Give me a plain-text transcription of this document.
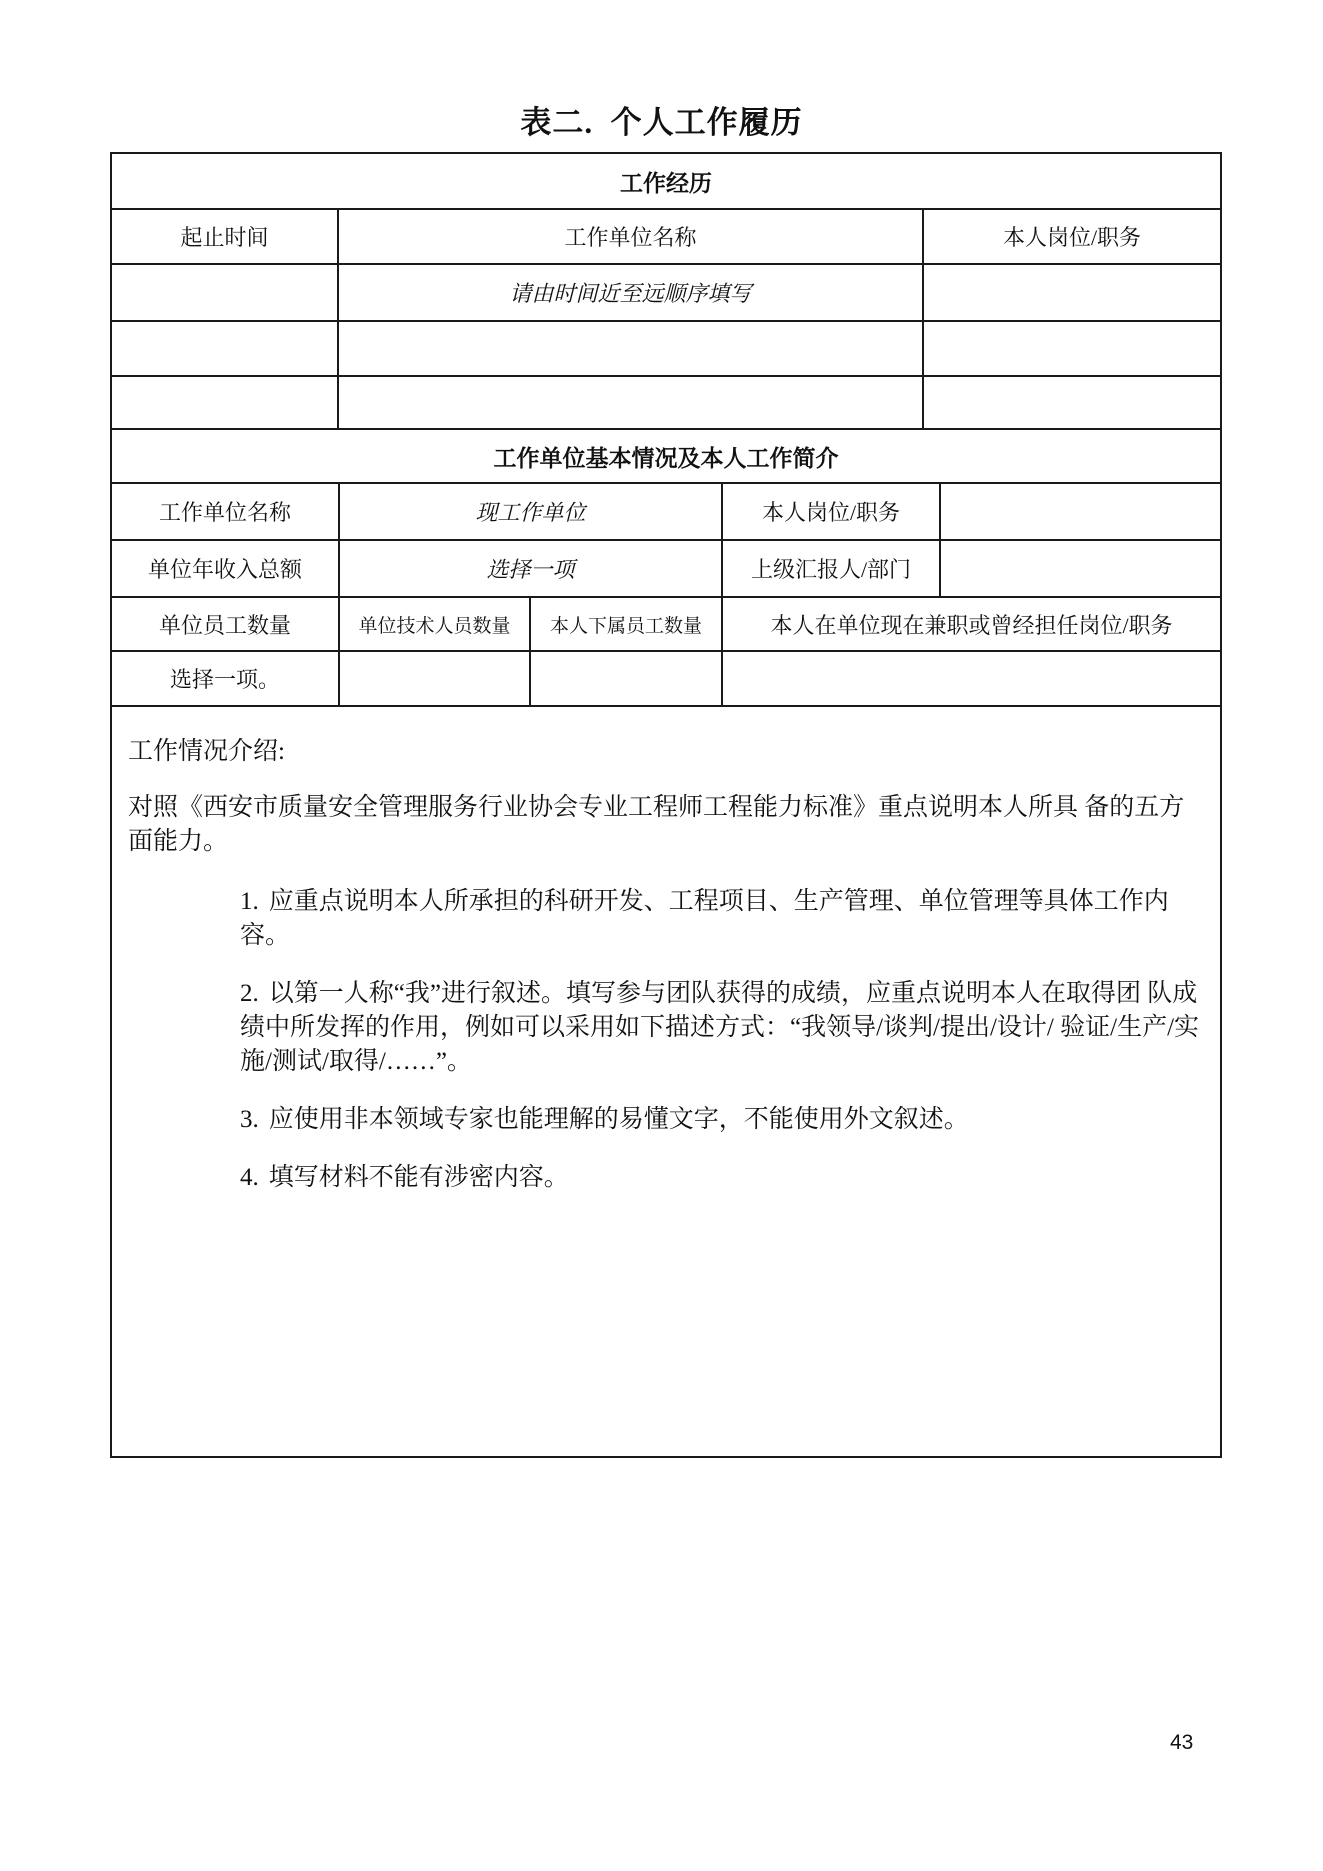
表二.  个人工作履历
工作经历
起止时间	工作单位名称	本人岗位/职务
请由时间近至远顺序填写
工作单位基本情况及本人工作简介
工作单位名称	现工作单位	本人岗位/职务
单位年收入总额	选择一项	上级汇报人/部门
单位员工数量	单位技术人员数量	本人下属员工数量	本人在单位现在兼职或曾经担任岗位/职务
选择一项。
工作情况介绍:
对照《西安市质量安全管理服务行业协会专业工程师工程能力标准》重点说明本人所具 备的五方面能力。
1. 应重点说明本人所承担的科研开发、工程项目、生产管理、单位管理等具体工作内 容。
2. 以第一人称“我”进行叙述。填写参与团队获得的成绩，应重点说明本人在取得团 队成绩中所发挥的作用，例如可以采用如下描述方式：“我领导/谈判/提出/设计/ 验证/生产/实施/测试/取得/……”。
3. 应使用非本领域专家也能理解的易懂文字，不能使用外文叙述。
4. 填写材料不能有涉密内容。
43
